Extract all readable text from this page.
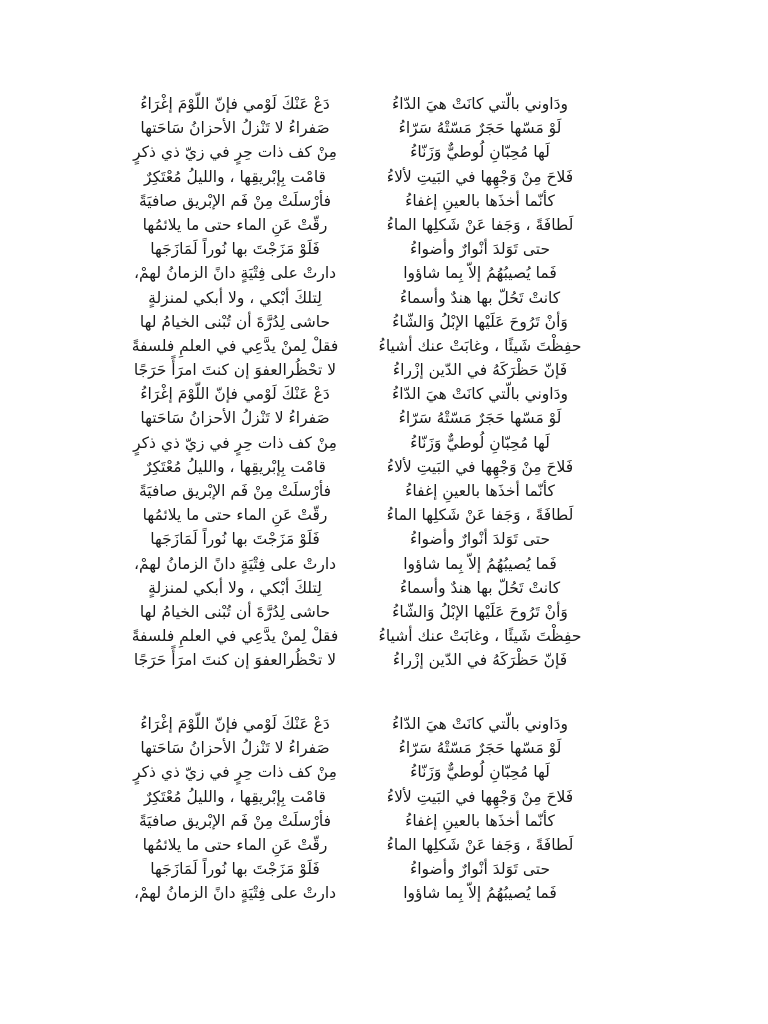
ودَاوني بالّتي كانَتْ هيَ الدّاءُ
دَعْ عَنْكَ لَوْمي فإنّ اللّوْمَ إغْرَاءُ
لَوْ مَسّها حَجَرٌ مَسّتْهُ سَرّاءُ
صَفراءُ لا تَنْزلُ الأحزانُ سَاحَتها
لَها مُحِبّانِ لُوطيٌّ وَزَنّاءُ
مِنْ كف ذات حِرٍ في زيّ ذي ذكرٍ
فَلاحَ مِنْ وَجْهِها في البَيتِ لألاءُ
قامْت بِإبْريقِها ، والليلُ مُعْتَكِرٌ
كأنّما أخذَها بالعينِ إغفاءُ
فأرْسلَتْ مِنْ فَم الإبْريق صافيَةً
لَطافَةً ، وَجَفا عَنْ شَكلِها الماءُ
رقّتْ عَنِ الماء حتى ما يلائمُها
حتى تَوَلدَ أنْوارٌ وأضواءُ
فَلَوْ مَزَجْتَ بها نُوراً لَمَازَجَها
فَما يُصيبُهُمُ إلاّ بِما شاؤوا
دارتْ على فِتْيَةٍ دانً الزمانُ لهمْ،
كانتْ تَحُلّ بها هندٌ وأسماءُ
لِتلكَ أبْكي ، ولا أبكي لمنزلةٍ
وَأنْ تَرُوحَ عَلَيْها الإبْلُ وَالشّاءُ
حاشى لِدُرَّةَ أن تُبْنى الخيامُ لها
حفِظْتَ شَيئًا ، وغابَتْ عنك أشياءُ
فقلْ لِمنْ يدَّعِي في العلمِ فلسفةً
فَإنّ حَظْرَكَهُ في الدّين إزْراءُ
لا تحْظُرالعفوَ إن كنتَ امرَأً حَرَجًا
ودَاوني بالّتي كانَتْ هيَ الدّاءُ
دَعْ عَنْكَ لَوْمي فإنّ اللّوْمَ إغْرَاءُ
لَوْ مَسّها حَجَرٌ مَسّتْهُ سَرّاءُ
صَفراءُ لا تَنْزلُ الأحزانُ سَاحَتها
لَها مُحِبّانِ لُوطيٌّ وَزَنّاءُ
مِنْ كف ذات حِرٍ في زيّ ذي ذكرٍ
فَلاحَ مِنْ وَجْهِها في البَيتِ لألاءُ
قامْت بِإبْريقِها ، والليلُ مُعْتَكِرٌ
كأنّما أخذَها بالعينِ إغفاءُ
فأرْسلَتْ مِنْ فَم الإبْريق صافيَةً
لَطافَةً ، وَجَفا عَنْ شَكلِها الماءُ
رقّتْ عَنِ الماء حتى ما يلائمُها
حتى تَوَلدَ أنْوارٌ وأضواءُ
فَلَوْ مَزَجْتَ بها نُوراً لَمَازَجَها
فَما يُصيبُهُمُ إلاّ بِما شاؤوا
دارتْ على فِتْيَةٍ دانً الزمانُ لهمْ،
كانتْ تَحُلّ بها هندٌ وأسماءُ
لِتلكَ أبْكي ، ولا أبكي لمنزلةٍ
وَأنْ تَرُوحَ عَلَيْها الإبْلُ وَالشّاءُ
حاشى لِدُرَّةَ أن تُبْنى الخيامُ لها
حفِظْتَ شَيئًا ، وغابَتْ عنك أشياءُ
فقلْ لِمنْ يدَّعِي في العلمِ فلسفةً
فَإنّ حَظْرَكَهُ في الدّين إزْراءُ
لا تحْظُرالعفوَ إن كنتَ امرَأً حَرَجًا
ودَاوني بالّتي كانَتْ هيَ الدّاءُ
دَعْ عَنْكَ لَوْمي فإنّ اللّوْمَ إغْرَاءُ
لَوْ مَسّها حَجَرٌ مَسّتْهُ سَرّاءُ
صَفراءُ لا تَنْزلُ الأحزانُ سَاحَتها
لَها مُحِبّانِ لُوطيٌّ وَزَنّاءُ
مِنْ كف ذات حِرٍ في زيّ ذي ذكرٍ
فَلاحَ مِنْ وَجْهِها في البَيتِ لألاءُ
قامْت بِإبْريقِها ، والليلُ مُعْتَكِرٌ
كأنّما أخذَها بالعينِ إغفاءُ
فأرْسلَتْ مِنْ فَم الإبْريق صافيَةً
لَطافَةً ، وَجَفا عَنْ شَكلِها الماءُ
رقّتْ عَنِ الماء حتى ما يلائمُها
حتى تَوَلدَ أنْوارٌ وأضواءُ
فَلَوْ مَزَجْتَ بها نُوراً لَمَازَجَها
فَما يُصيبُهُمُ إلاّ بِما شاؤوا
دارتْ على فِتْيَةٍ دانً الزمانُ لهمْ،
